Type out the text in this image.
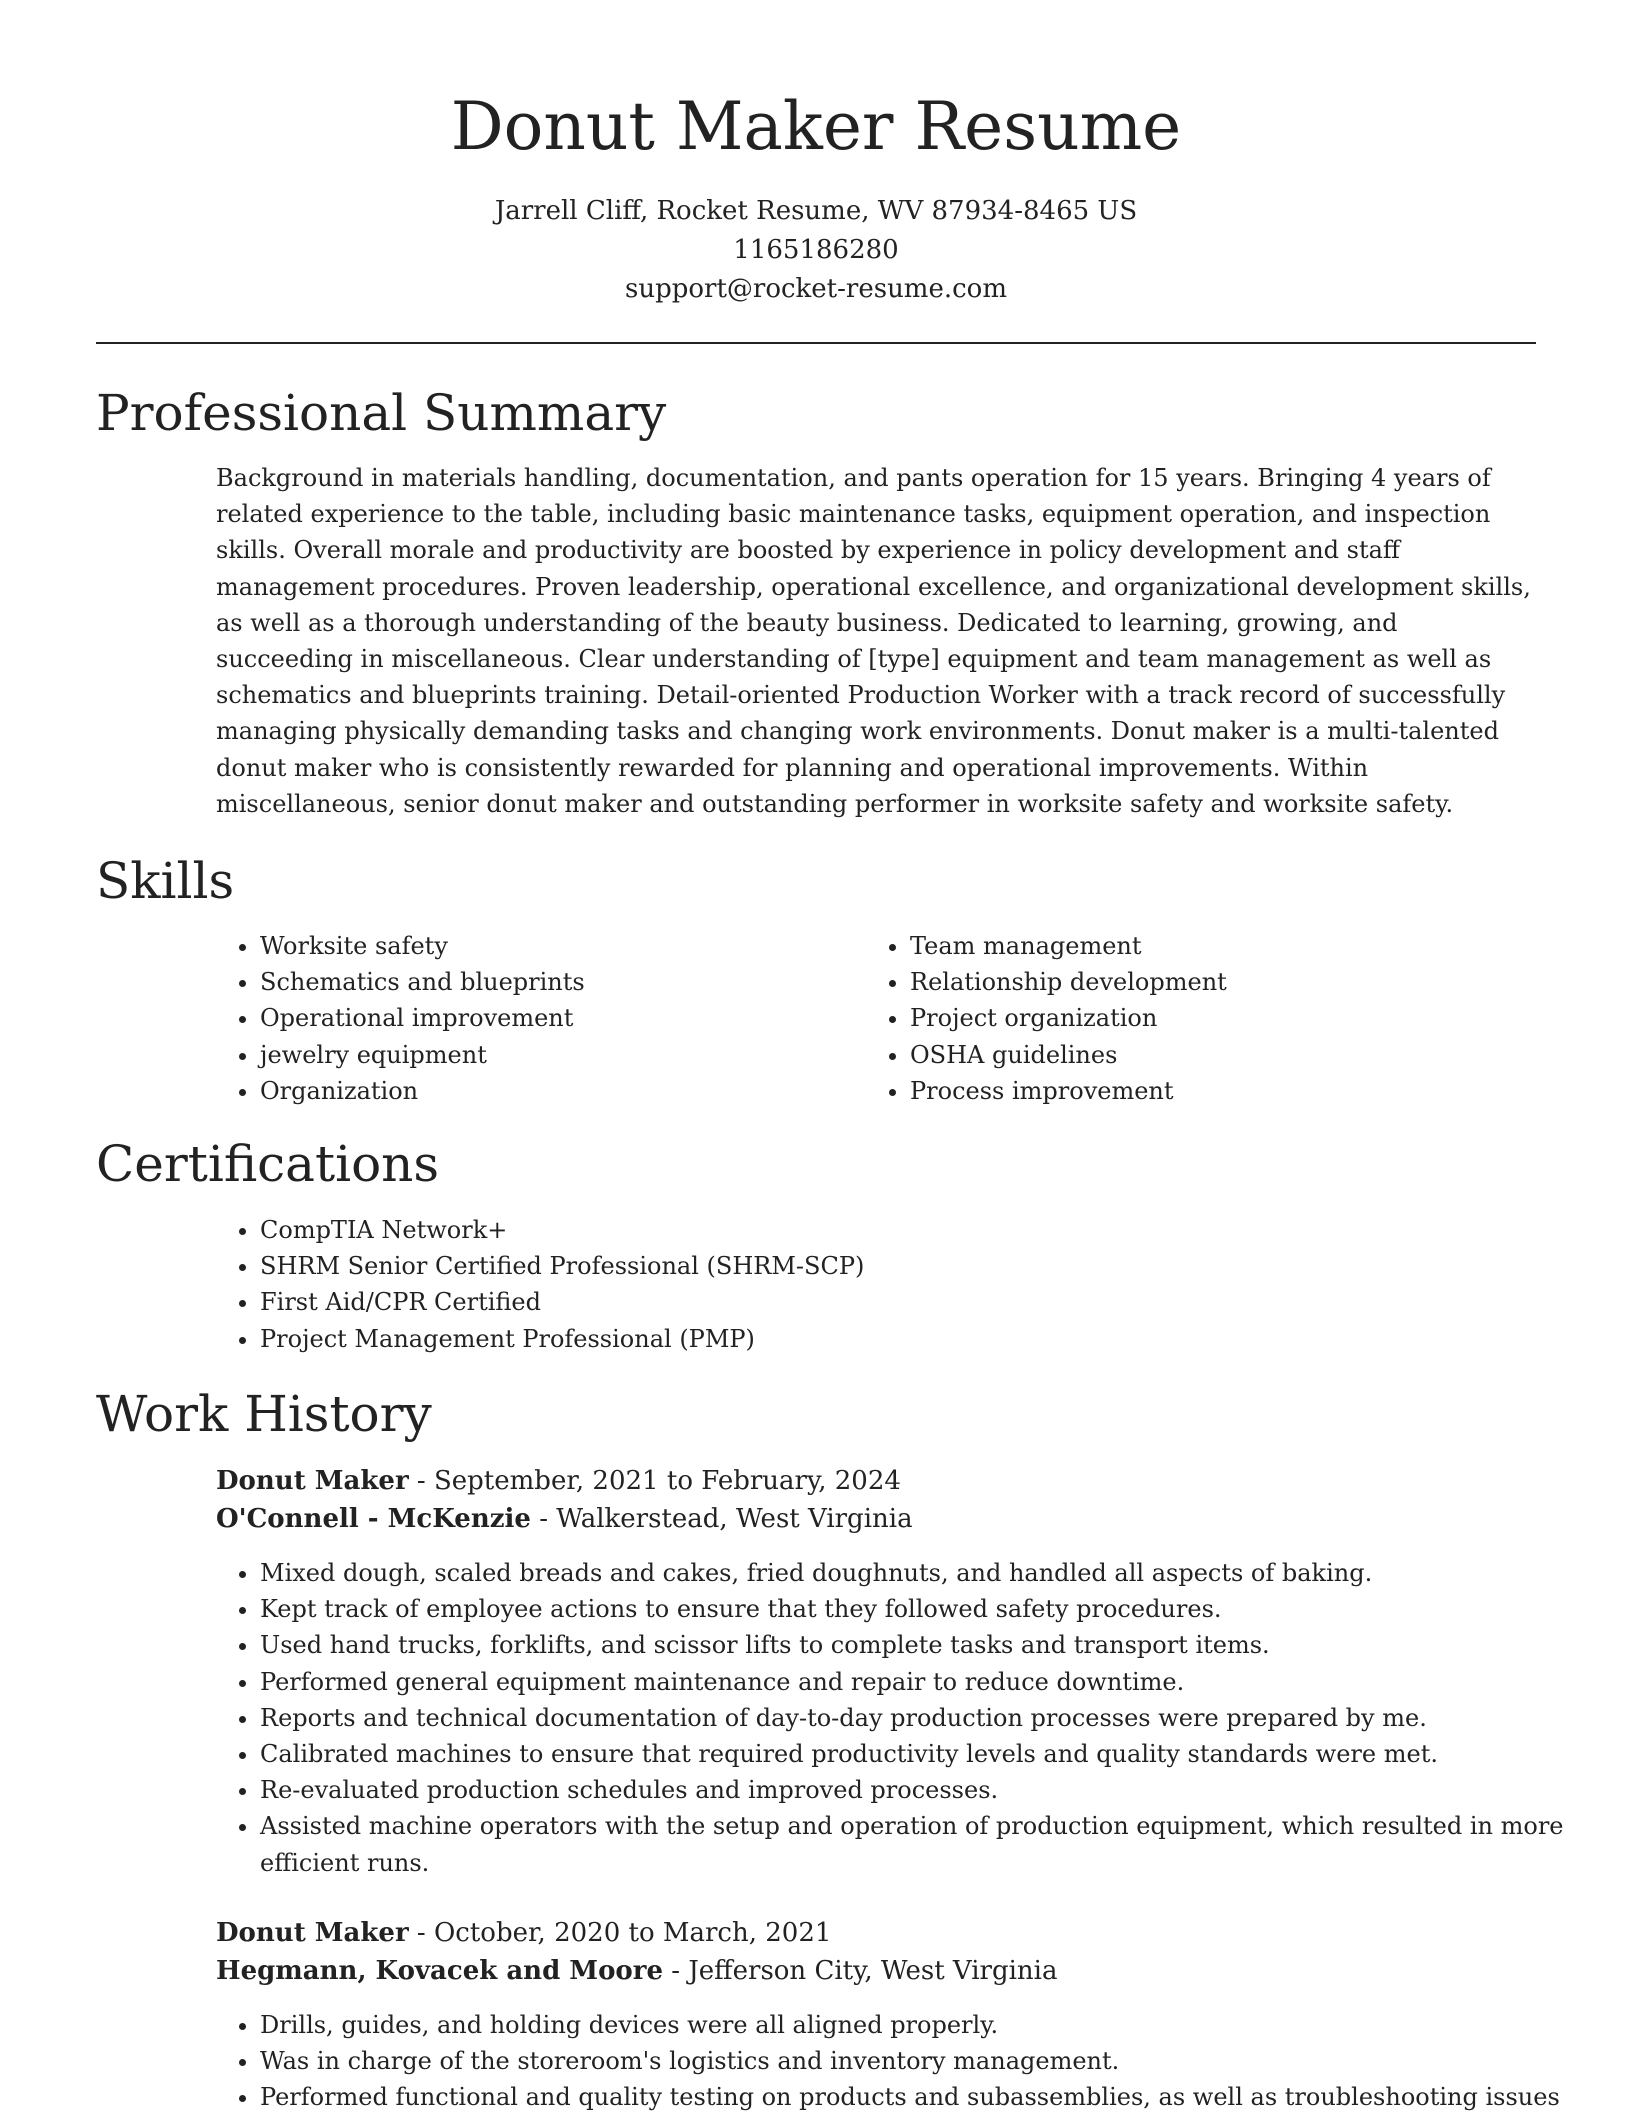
Donut Maker Resume
Jarrell Cliff, Rocket Resume, WV 87934-8465 US
1165186280
support@rocket-resume.com
Professional Summary

Background in materials handling, documentation, and pants operation for 15 years. Bringing 4 years of related experience to the table, including basic maintenance tasks, equipment operation, and inspection skills. Overall morale and productivity are boosted by experience in policy development and staff management procedures. Proven leadership, operational excellence, and organizational development skills, as well as a thorough understanding of the beauty business. Dedicated to learning, growing, and succeeding in miscellaneous. Clear understanding of [type] equipment and team management as well as schematics and blueprints training. Detail-oriented Production Worker with a track record of successfully managing physically demanding tasks and changing work environments. Donut maker is a multi-talented donut maker who is consistently rewarded for planning and operational improvements. Within miscellaneous, senior donut maker and outstanding performer in worksite safety and worksite safety.

Skills
• Worksite safety
• Schematics and blueprints
• Operational improvement
• jewelry equipment
• Organization
• Team management
• Relationship development
• Project organization
• OSHA guidelines
• Process improvement
Certifications
• CompTIA Network+
• SHRM Senior Certified Professional (SHRM-SCP)
• First Aid/CPR Certified
• Project Management Professional (PMP)
Work History
Donut Maker - September, 2021 to February, 2024
O'Connell - McKenzie - Walkerstead, West Virginia
• Mixed dough, scaled breads and cakes, fried doughnuts, and handled all aspects of baking.
• Kept track of employee actions to ensure that they followed safety procedures.
• Used hand trucks, forklifts, and scissor lifts to complete tasks and transport items.
• Performed general equipment maintenance and repair to reduce downtime.
• Reports and technical documentation of day-to-day production processes were prepared by me.
• Calibrated machines to ensure that required productivity levels and quality standards were met.
• Re-evaluated production schedules and improved processes.
• Assisted machine operators with the setup and operation of production equipment, which resulted in more efficient runs.
Donut Maker - October, 2020 to March, 2021
Hegmann, Kovacek and Moore - Jefferson City, West Virginia
• Drills, guides, and holding devices were all aligned properly.
• Was in charge of the storeroom's logistics and inventory management.
• Performed functional and quality testing on products and subassemblies, as well as troubleshooting issues
